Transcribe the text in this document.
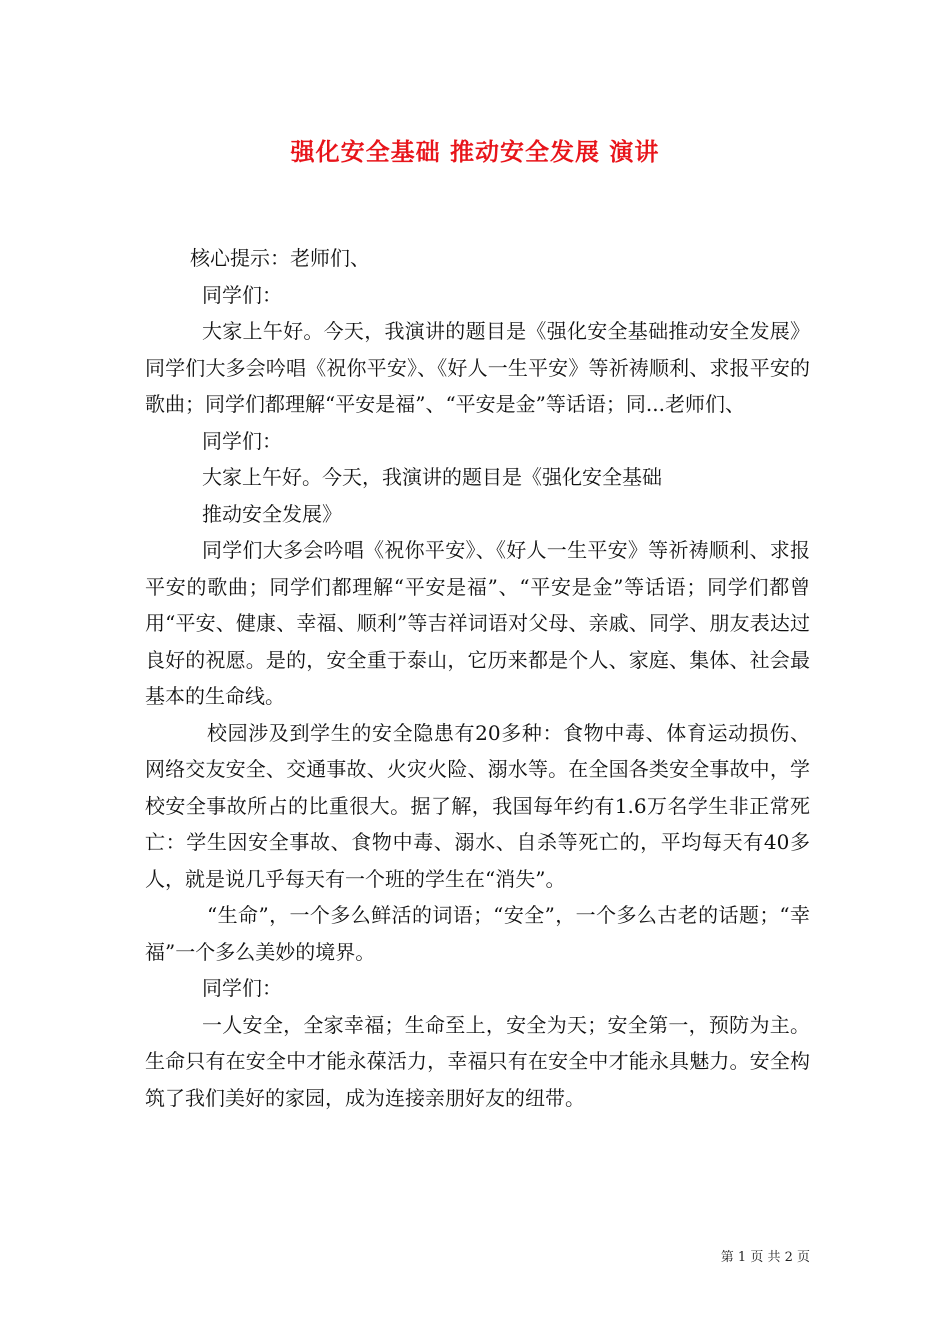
强化安全基础 推动安全发展 演讲

核心提示：老师们、

同学们：

大家上午好。今天，我演讲的题目是《强化安全基础推动安全发展》同学们大多会吟唱《祝你平安》、《好人一生平安》等祈祷顺利、求报平安的歌曲；同学们都理解“平安是福”、“平安是金”等话语；同...老师们、

同学们：

大家上午好。今天，我演讲的题目是《强化安全基础

推动安全发展》

同学们大多会吟唱《祝你平安》、《好人一生平安》等祈祷顺利、求报平安的歌曲；同学们都理解“平安是福”、“平安是金”等话语；同学们都曾用“平安、健康、幸福、顺利”等吉祥词语对父母、亲戚、同学、朋友表达过良好的祝愿。是的，安全重于泰山，它历来都是个人、家庭、集体、社会最基本的生命线。

校园涉及到学生的安全隐患有20多种：食物中毒、体育运动损伤、网络交友安全、交通事故、火灾火险、溺水等。在全国各类安全事故中，学校安全事故所占的比重很大。据了解，我国每年约有1.6万名学生非正常死亡：学生因安全事故、食物中毒、溺水、自杀等死亡的，平均每天有40多人，就是说几乎每天有一个班的学生在“消失”。

“生命”，一个多么鲜活的词语；“安全”，一个多么古老的话题；“幸福”一个多么美妙的境界。

同学们：

一人安全，全家幸福；生命至上，安全为天；安全第一，预防为主。生命只有在安全中才能永葆活力，幸福只有在安全中才能永具魅力。安全构筑了我们美好的家园，成为连接亲朋好友的纽带。

第 1 页 共 2 页
